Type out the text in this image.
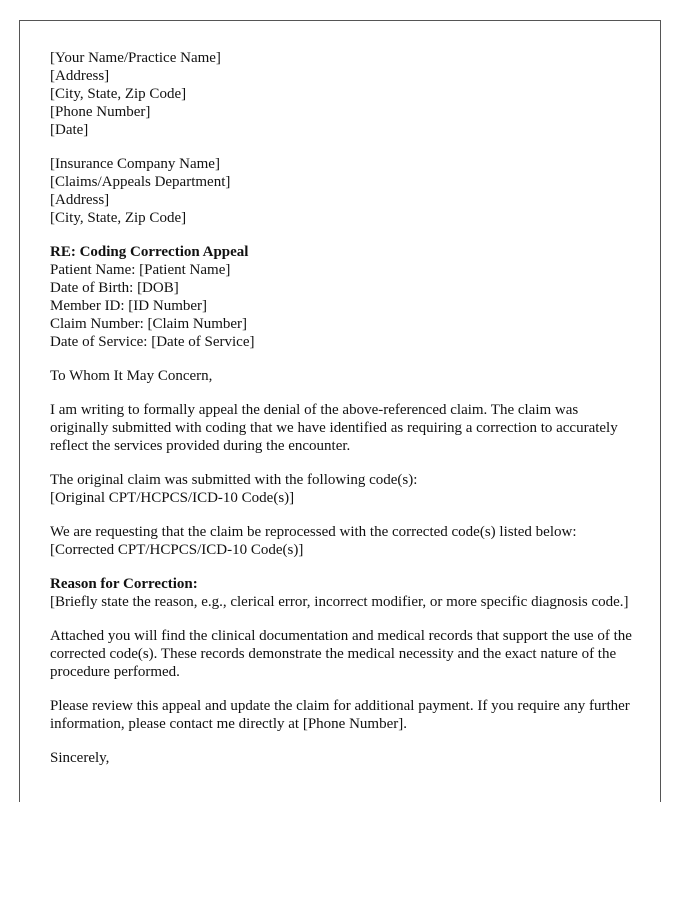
[Your Name/Practice Name]
[Address]
[City, State, Zip Code]
[Phone Number]
[Date]
[Insurance Company Name]
[Claims/Appeals Department]
[Address]
[City, State, Zip Code]
RE: Coding Correction Appeal
Patient Name: [Patient Name]
Date of Birth: [DOB]
Member ID: [ID Number]
Claim Number: [Claim Number]
Date of Service: [Date of Service]
To Whom It May Concern,
I am writing to formally appeal the denial of the above-referenced claim. The claim was originally submitted with coding that we have identified as requiring a correction to accurately reflect the services provided during the encounter.
The original claim was submitted with the following code(s):
[Original CPT/HCPCS/ICD-10 Code(s)]
We are requesting that the claim be reprocessed with the corrected code(s) listed below:
[Corrected CPT/HCPCS/ICD-10 Code(s)]
Reason for Correction:
[Briefly state the reason, e.g., clerical error, incorrect modifier, or more specific diagnosis code.]
Attached you will find the clinical documentation and medical records that support the use of the corrected code(s). These records demonstrate the medical necessity and the exact nature of the procedure performed.
Please review this appeal and update the claim for additional payment. If you require any further information, please contact me directly at [Phone Number].
Sincerely,
